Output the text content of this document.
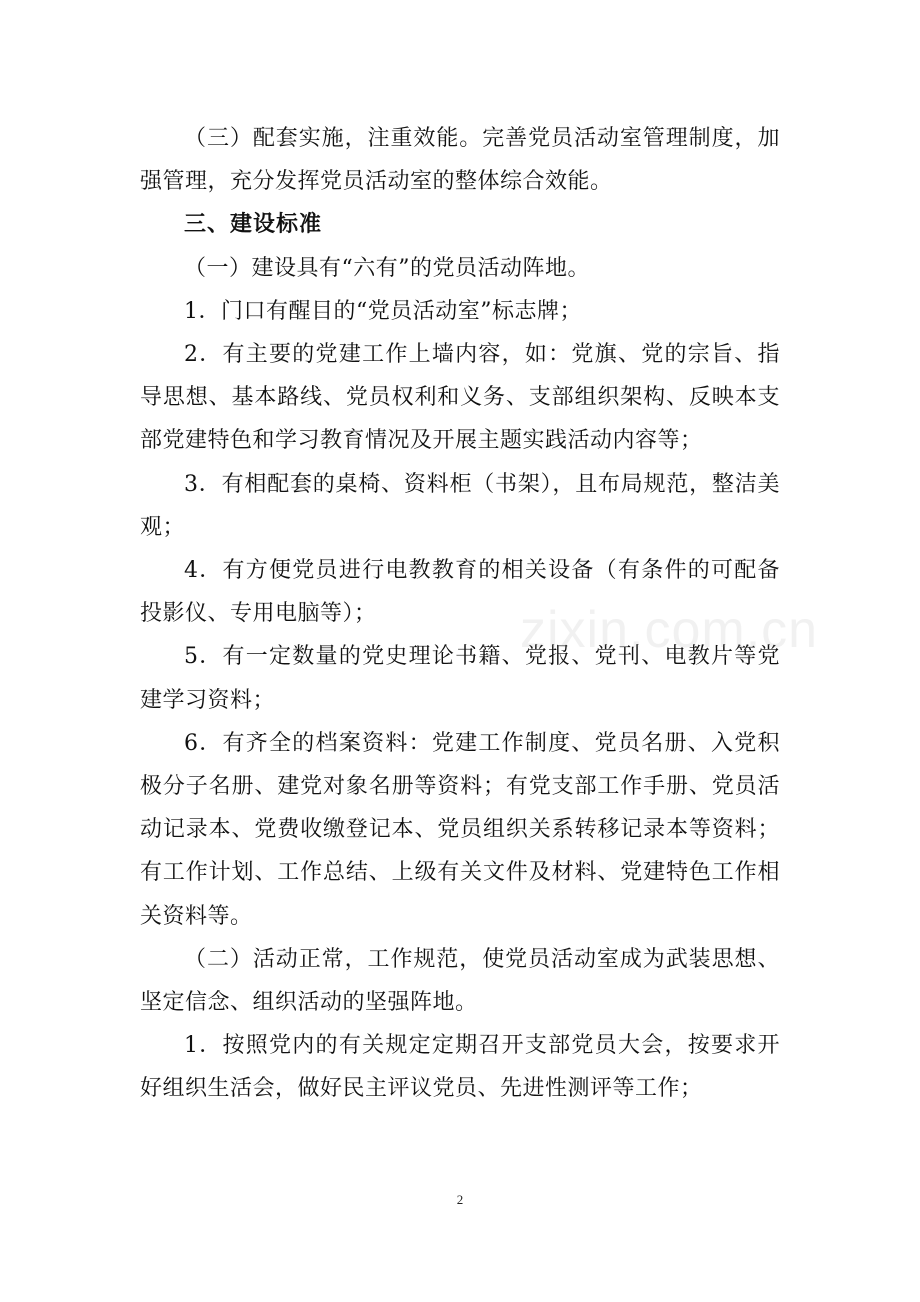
（三）配套实施，注重效能。完善党员活动室管理制度，加强管理，充分发挥党员活动室的整体综合效能。

三、建设标准

（一）建设具有“六有”的党员活动阵地。

1．门口有醒目的“党员活动室”标志牌；

2．有主要的党建工作上墙内容，如：党旗、党的宗旨、指导思想、基本路线、党员权利和义务、支部组织架构、反映本支部党建特色和学习教育情况及开展主题实践活动内容等；

3．有相配套的桌椅、资料柜（书架），且布局规范，整洁美观；

4．有方便党员进行电教教育的相关设备（有条件的可配备投影仪、专用电脑等）；

5．有一定数量的党史理论书籍、党报、党刊、电教片等党建学习资料；

6．有齐全的档案资料：党建工作制度、党员名册、入党积极分子名册、建党对象名册等资料；有党支部工作手册、党员活动记录本、党费收缴登记本、党员组织关系转移记录本等资料；有工作计划、工作总结、上级有关文件及材料、党建特色工作相关资料等。

（二）活动正常，工作规范，使党员活动室成为武装思想、坚定信念、组织活动的坚强阵地。

1．按照党内的有关规定定期召开支部党员大会，按要求开好组织生活会，做好民主评议党员、先进性测评等工作；

zixin.com.cn
2
